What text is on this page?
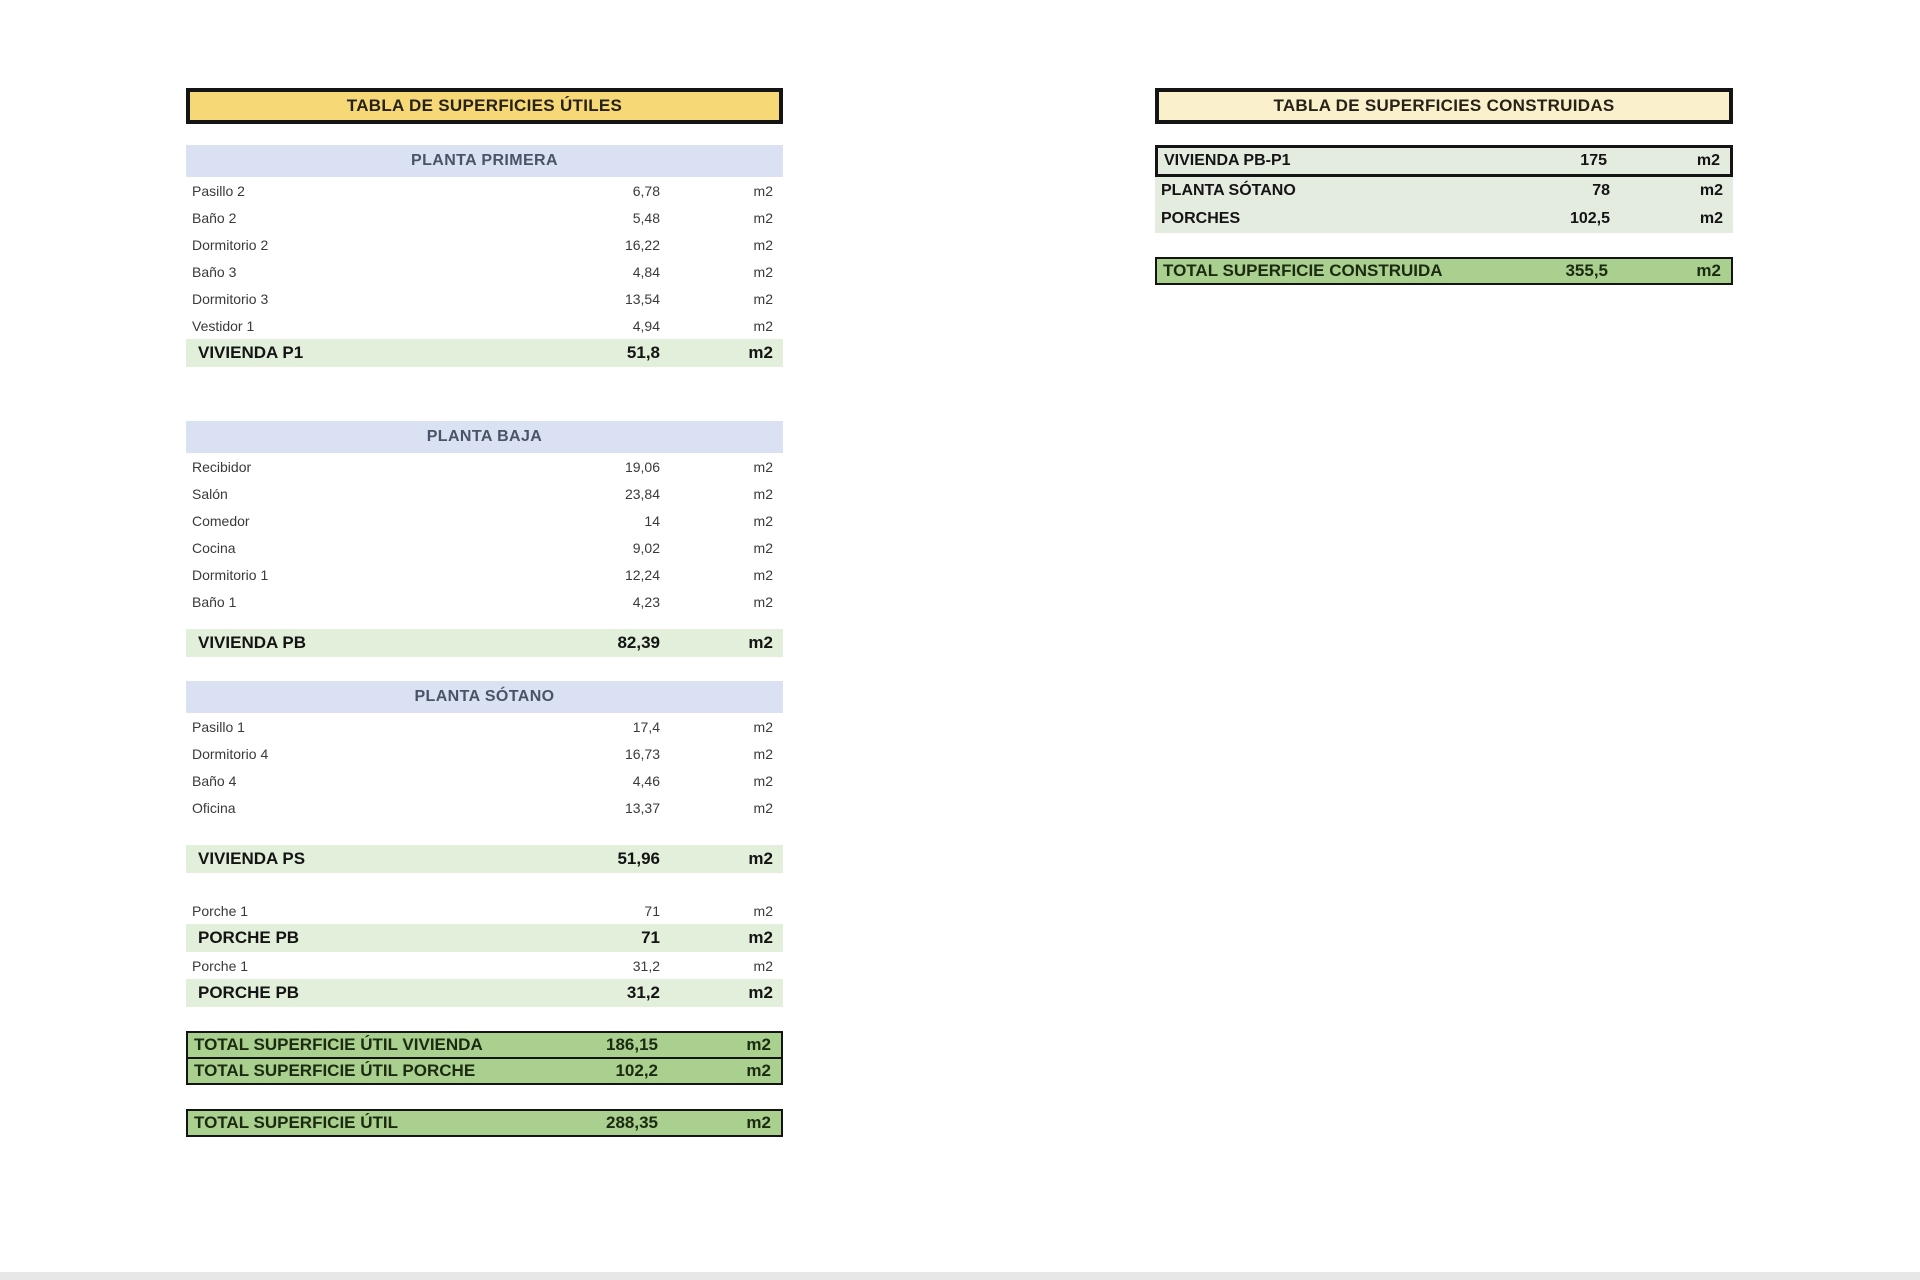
TABLA DE SUPERFICIES ÚTILES
PLANTA PRIMERA
Pasillo 2	6,78	m2
Baño 2	5,48	m2
Dormitorio 2	16,22	m2
Baño 3	4,84	m2
Dormitorio 3	13,54	m2
Vestidor 1	4,94	m2
VIVIENDA P1	51,8	m2
PLANTA BAJA
Recibidor	19,06	m2
Salón	23,84	m2
Comedor	14	m2
Cocina	9,02	m2
Dormitorio 1	12,24	m2
Baño 1	4,23	m2
VIVIENDA PB	82,39	m2
PLANTA SÓTANO
Pasillo 1	17,4	m2
Dormitorio 4	16,73	m2
Baño 4	4,46	m2
Oficina	13,37	m2
VIVIENDA PS	51,96	m2
Porche 1	71	m2
PORCHE PB	71	m2
Porche 1	31,2	m2
PORCHE PB	31,2	m2
TOTAL SUPERFICIE ÚTIL VIVIENDA	186,15	m2
TOTAL SUPERFICIE ÚTIL PORCHE	102,2	m2
TOTAL SUPERFICIE ÚTIL	288,35	m2
TABLA DE SUPERFICIES CONSTRUIDAS
VIVIENDA PB-P1	175	m2
PLANTA SÓTANO	78	m2
PORCHES	102,5	m2
TOTAL SUPERFICIE CONSTRUIDA	355,5	m2
